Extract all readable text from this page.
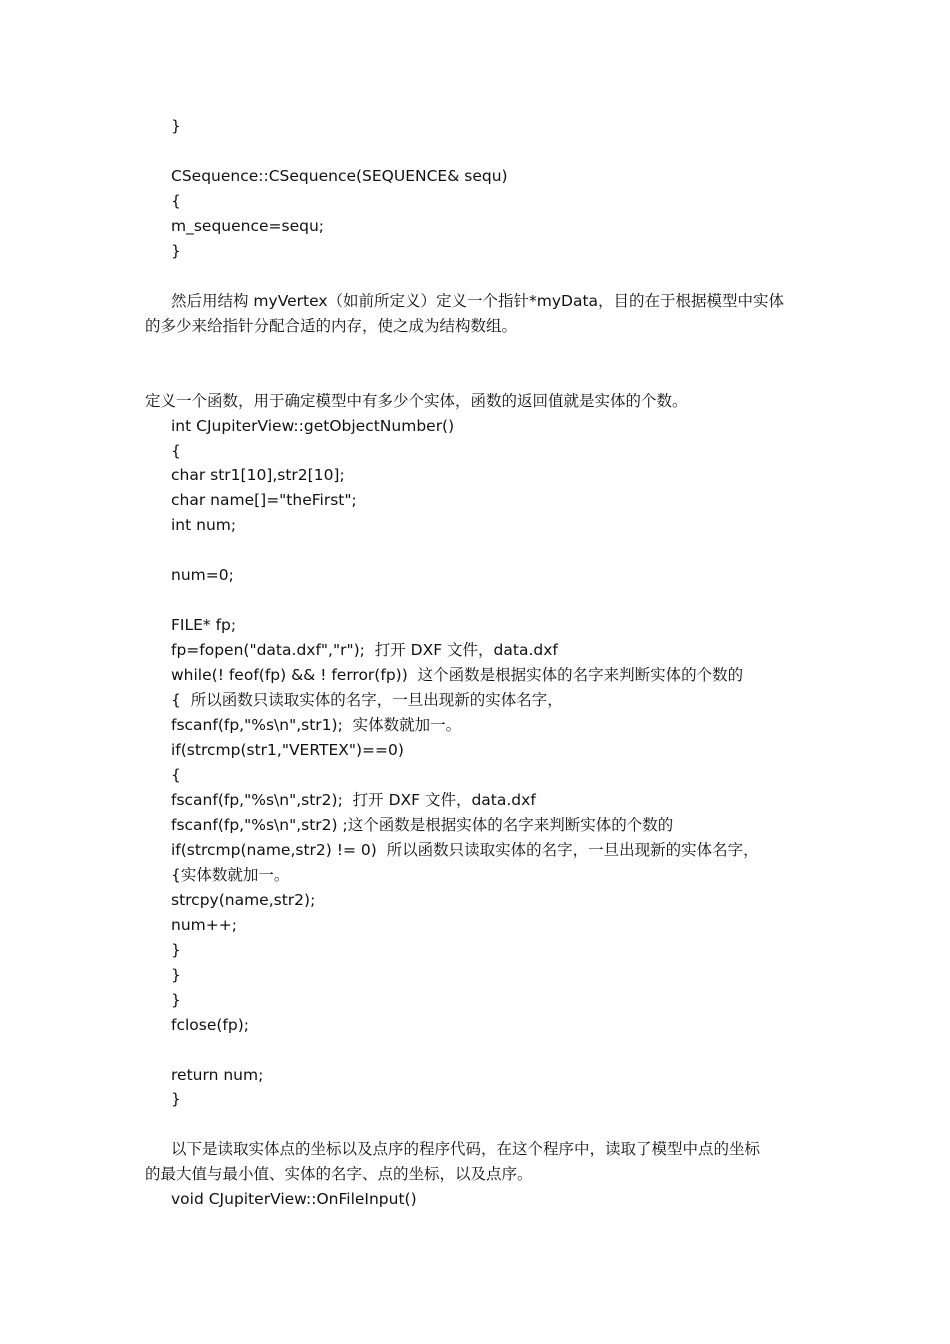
}
CSequence::CSequence(SEQUENCE& sequ)
{
m_sequence=sequ;
}
然后用结构 myVertex（如前所定义）定义一个指针*myData，目的在于根据模型中实体
的多少来给指针分配合适的内存，使之成为结构数组。
定义一个函数，用于确定模型中有多少个实体，函数的返回值就是实体的个数。
int CJupiterView::getObjectNumber()
{
char str1[10],str2[10];
char name[]="theFirst";
int num;
num=0;
FILE* fp;
fp=fopen("data.dxf","r");  打开 DXF 文件，data.dxf
while(! feof(fp) && ! ferror(fp))  这个函数是根据实体的名字来判断实体的个数的
{  所以函数只读取实体的名字，一旦出现新的实体名字，
fscanf(fp,"%s\n",str1);  实体数就加一。
if(strcmp(str1,"VERTEX")==0)
{
fscanf(fp,"%s\n",str2);  打开 DXF 文件，data.dxf
fscanf(fp,"%s\n",str2) ;这个函数是根据实体的名字来判断实体的个数的
if(strcmp(name,str2) != 0)  所以函数只读取实体的名字，一旦出现新的实体名字，
{实体数就加一。
strcpy(name,str2);
num++;
}
}
}
fclose(fp);
return num;
}
以下是读取实体点的坐标以及点序的程序代码，在这个程序中，读取了模型中点的坐标
的最大值与最小值、实体的名字、点的坐标，以及点序。
void CJupiterView::OnFileInput()
